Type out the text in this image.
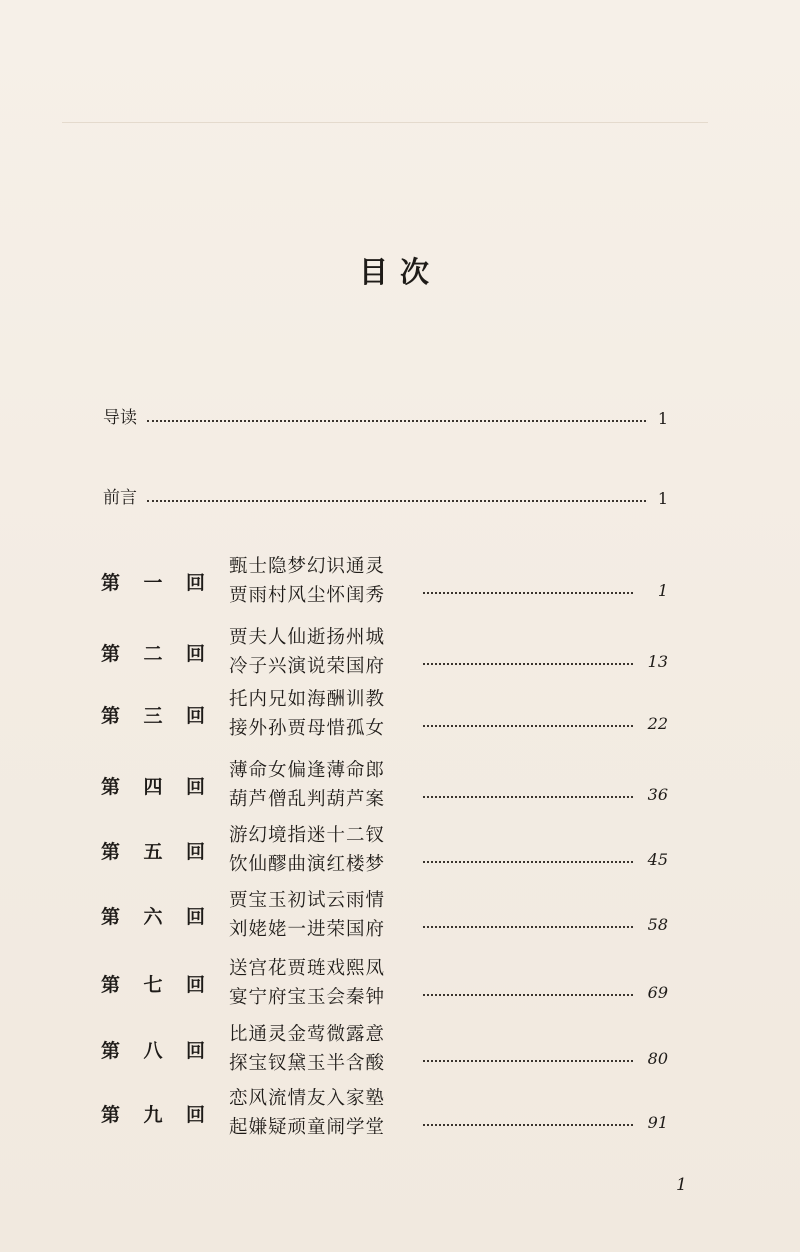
目次
导读	1
前言	1
第 一 回
甄士隐梦幻识通灵
贾雨村风尘怀闺秀	1
第 二 回
贾夫人仙逝扬州城
冷子兴演说荣国府	13
第 三 回
托内兄如海酬训教
接外孙贾母惜孤女	22
第 四 回
薄命女偏逢薄命郎
葫芦僧乱判葫芦案	36
第 五 回
游幻境指迷十二钗
饮仙醪曲演红楼梦	45
第 六 回
贾宝玉初试云雨情
刘姥姥一进荣国府	58
第 七 回
送宫花贾琏戏熙凤
宴宁府宝玉会秦钟	69
第 八 回
比通灵金莺微露意
探宝钗黛玉半含酸	80
第 九 回
恋风流情友入家塾
起嫌疑顽童闹学堂	91
1
